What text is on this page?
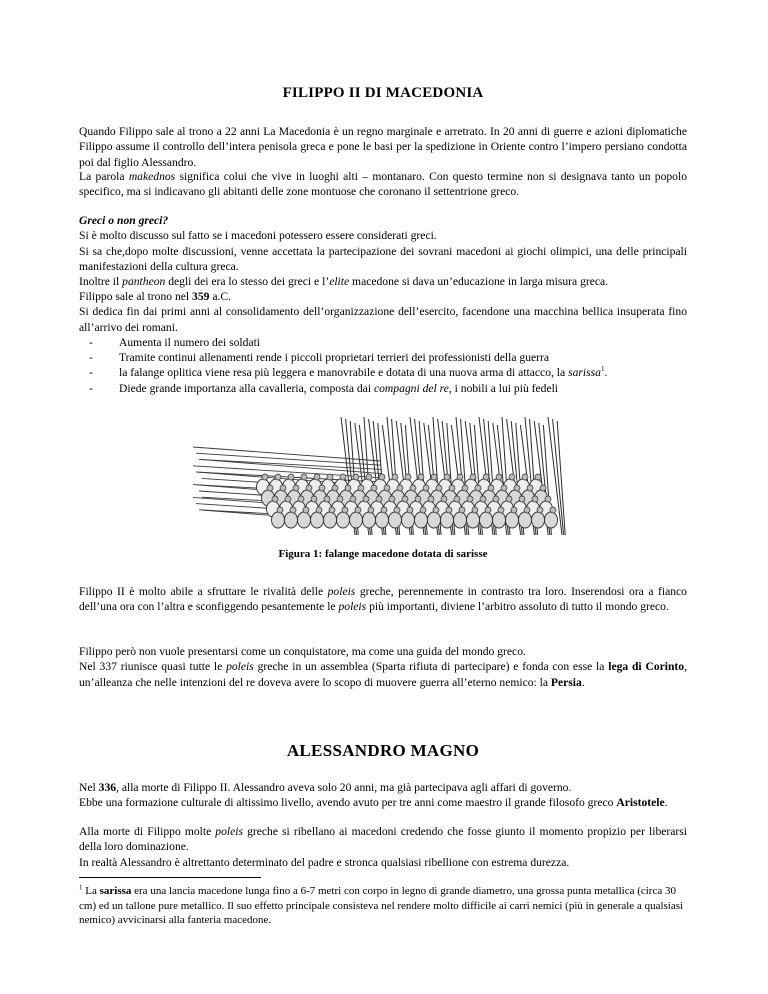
FILIPPO II DI MACEDONIA

Quando Filippo sale al trono a 22 anni La Macedonia è un regno marginale e arretrato. In 20 anni di guerre e azioni diplomatiche Filippo assume il controllo dell’intera penisola greca e pone le basi per la spedizione in Oriente contro l’impero persiano condotta poi dal figlio Alessandro.

La parola makednos significa colui che vive in luoghi alti – montanaro. Con questo termine non si designava tanto un popolo specifico, ma si indicavano gli abitanti delle zone montuose che coronano il settentrione greco.

Greci o non greci?

Si è molto discusso sul fatto se i macedoni potessero essere considerati greci.

Si sa che,dopo molte discussioni, venne accettata la partecipazione dei sovrani macedoni ai giochi olimpici, una delle principali manifestazioni della cultura greca.

Inoltre il pantheon degli dei era lo stesso dei greci e l’elite macedone si dava un’educazione in larga misura greca.

Filippo sale al trono nel 359 a.C.

Si dedica fin dai primi anni al consolidamento dell’organizzazione dell’esercito, facendone una macchina bellica insuperata fino all’arrivo dei romani.

- Aumenta il numero dei soldati
- Tramite continui allenamenti rende i piccoli proprietari terrieri dei professionisti della guerra
- la falange oplitica viene resa più leggera e manovrabile e dotata di una nuova arma di attacco, la sarissa$^1$.
- Diede grande importanza alla cavalleria, composta dai compagni del re, i nobili a lui più fedeli
Figura 1: falange macedone dotata di sarisse

Filippo II è molto abile a sfruttare le rivalità delle poleis greche, perennemente in contrasto tra loro. Inserendosi ora a fianco dell’una ora con l’altra e sconfiggendo pesantemente le poleis più importanti, diviene l’arbitro assoluto di tutto il mondo greco.

Filippo però non vuole presentarsi come un conquistatore, ma come una guida del mondo greco.

Nel 337 riunisce quasi tutte le poleis greche in un assemblea (Sparta rifiuta di partecipare) e fonda con esse la lega di Corinto, un’alleanza che nelle intenzioni del re doveva avere lo scopo di muovere guerra all’eterno nemico: la Persia.

ALESSANDRO MAGNO

Nel 336, alla morte di Filippo II. Alessandro aveva solo 20 anni, ma già partecipava agli affari di governo.

Ebbe una formazione culturale di altissimo livello, avendo avuto per tre anni come maestro il grande filosofo greco Aristotele.

Alla morte di Filippo molte poleis greche si ribellano ai macedoni credendo che fosse giunto il momento propizio per liberarsi della loro dominazione.

In realtà Alessandro è altrettanto determinato del padre e stronca qualsiasi ribellione con estrema durezza.

$^1$ La sarissa era una lancia macedone lunga fino a 6-7 metri con corpo in legno di grande diametro, una grossa punta metallica (circa 30 cm) ed un tallone pure metallico. Il suo effetto principale consisteva nel rendere molto difficile ai carri nemici (più in generale a qualsiasi nemico) avvicinarsi alla fanteria macedone.
